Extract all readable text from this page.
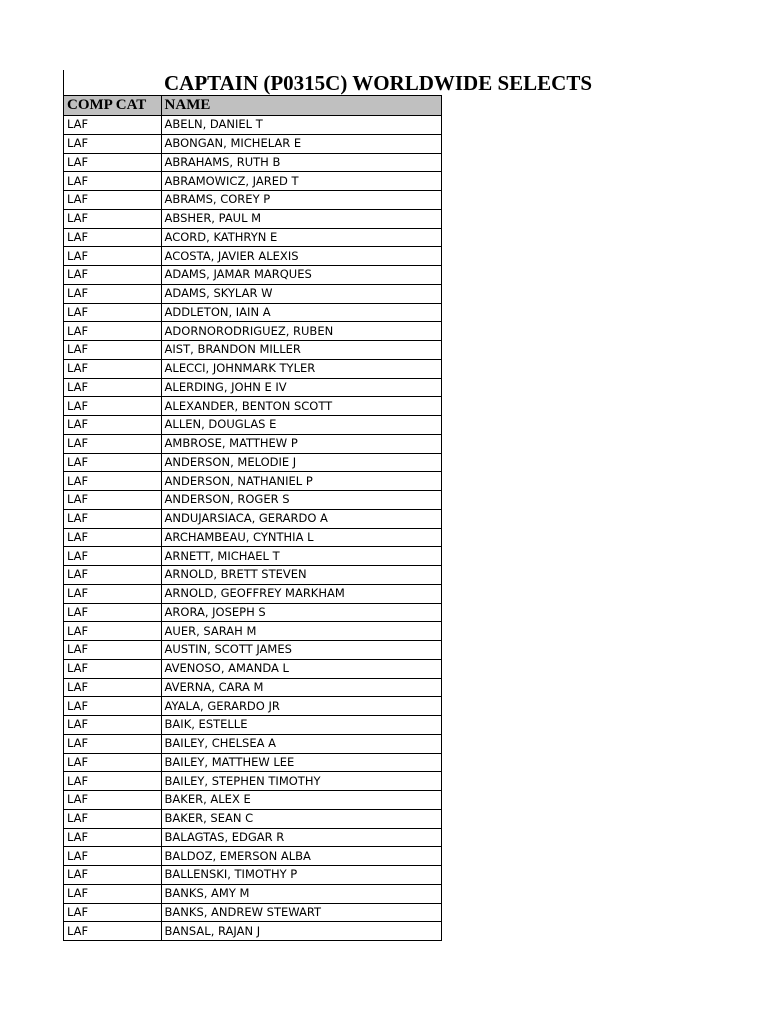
CAPTAIN (P0315C) WORLDWIDE SELECTS
COMP CAT	NAME
LAF	ABELN, DANIEL T
LAF	ABONGAN, MICHELAR E
LAF	ABRAHAMS, RUTH B
LAF	ABRAMOWICZ, JARED T
LAF	ABRAMS, COREY P
LAF	ABSHER, PAUL M
LAF	ACORD, KATHRYN E
LAF	ACOSTA, JAVIER ALEXIS
LAF	ADAMS, JAMAR MARQUES
LAF	ADAMS, SKYLAR W
LAF	ADDLETON, IAIN A
LAF	ADORNORODRIGUEZ, RUBEN
LAF	AIST, BRANDON MILLER
LAF	ALECCI, JOHNMARK TYLER
LAF	ALERDING, JOHN E IV
LAF	ALEXANDER, BENTON SCOTT
LAF	ALLEN, DOUGLAS E
LAF	AMBROSE, MATTHEW P
LAF	ANDERSON, MELODIE J
LAF	ANDERSON, NATHANIEL P
LAF	ANDERSON, ROGER S
LAF	ANDUJARSIACA, GERARDO A
LAF	ARCHAMBEAU, CYNTHIA L
LAF	ARNETT, MICHAEL T
LAF	ARNOLD, BRETT STEVEN
LAF	ARNOLD, GEOFFREY MARKHAM
LAF	ARORA, JOSEPH S
LAF	AUER, SARAH M
LAF	AUSTIN, SCOTT JAMES
LAF	AVENOSO, AMANDA L
LAF	AVERNA, CARA M
LAF	AYALA, GERARDO JR
LAF	BAIK, ESTELLE
LAF	BAILEY, CHELSEA A
LAF	BAILEY, MATTHEW LEE
LAF	BAILEY, STEPHEN TIMOTHY
LAF	BAKER, ALEX E
LAF	BAKER, SEAN C
LAF	BALAGTAS, EDGAR R
LAF	BALDOZ, EMERSON ALBA
LAF	BALLENSKI, TIMOTHY P
LAF	BANKS, AMY M
LAF	BANKS, ANDREW STEWART
LAF	BANSAL, RAJAN J
